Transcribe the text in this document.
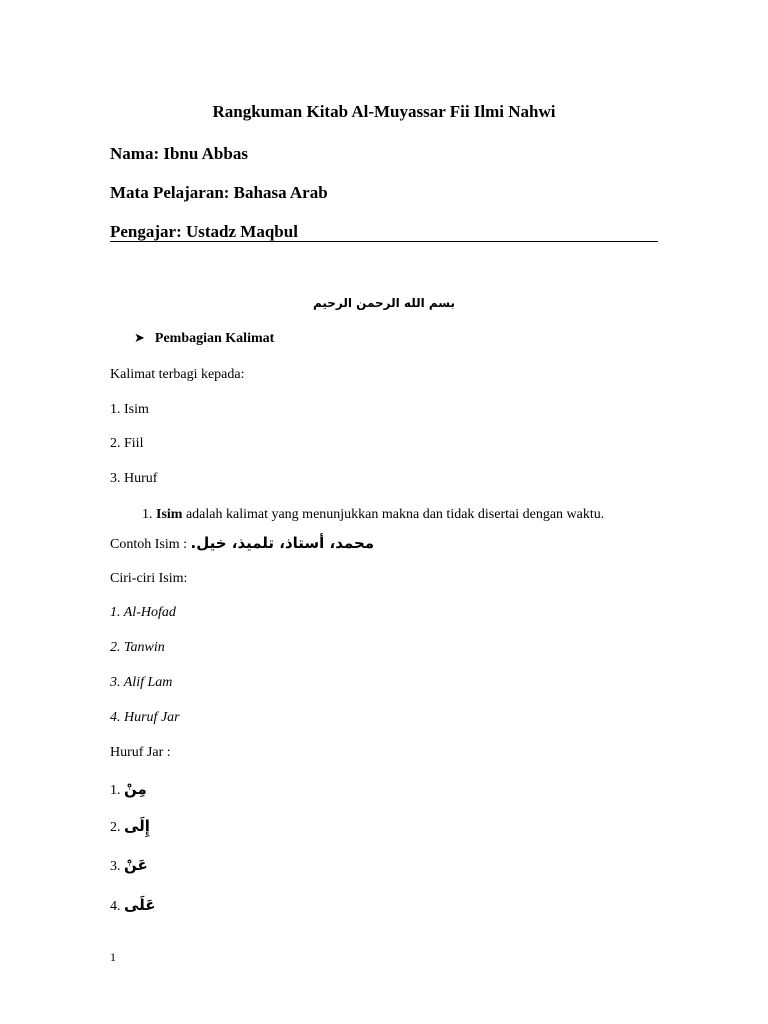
Rangkuman Kitab Al-Muyassar Fii Ilmi Nahwi
Nama: Ibnu Abbas
Mata Pelajaran: Bahasa Arab
Pengajar: Ustadz Maqbul
بسم الله الرحمن الرحيم
➤ Pembagian Kalimat
Kalimat terbagi kepada:
1. Isim
2. Fiil
3. Huruf
1. Isim adalah kalimat yang menunjukkan makna dan tidak disertai dengan waktu.
Contoh Isim : محمد، أستاذ، تلميذ، خيل.
Ciri-ciri Isim:
1. Al-Hofad
2. Tanwin
3. Alif Lam
4. Huruf Jar
Huruf Jar :
1. مِنْ
2. إِلَى
3. عَنْ
4. عَلَى
1
